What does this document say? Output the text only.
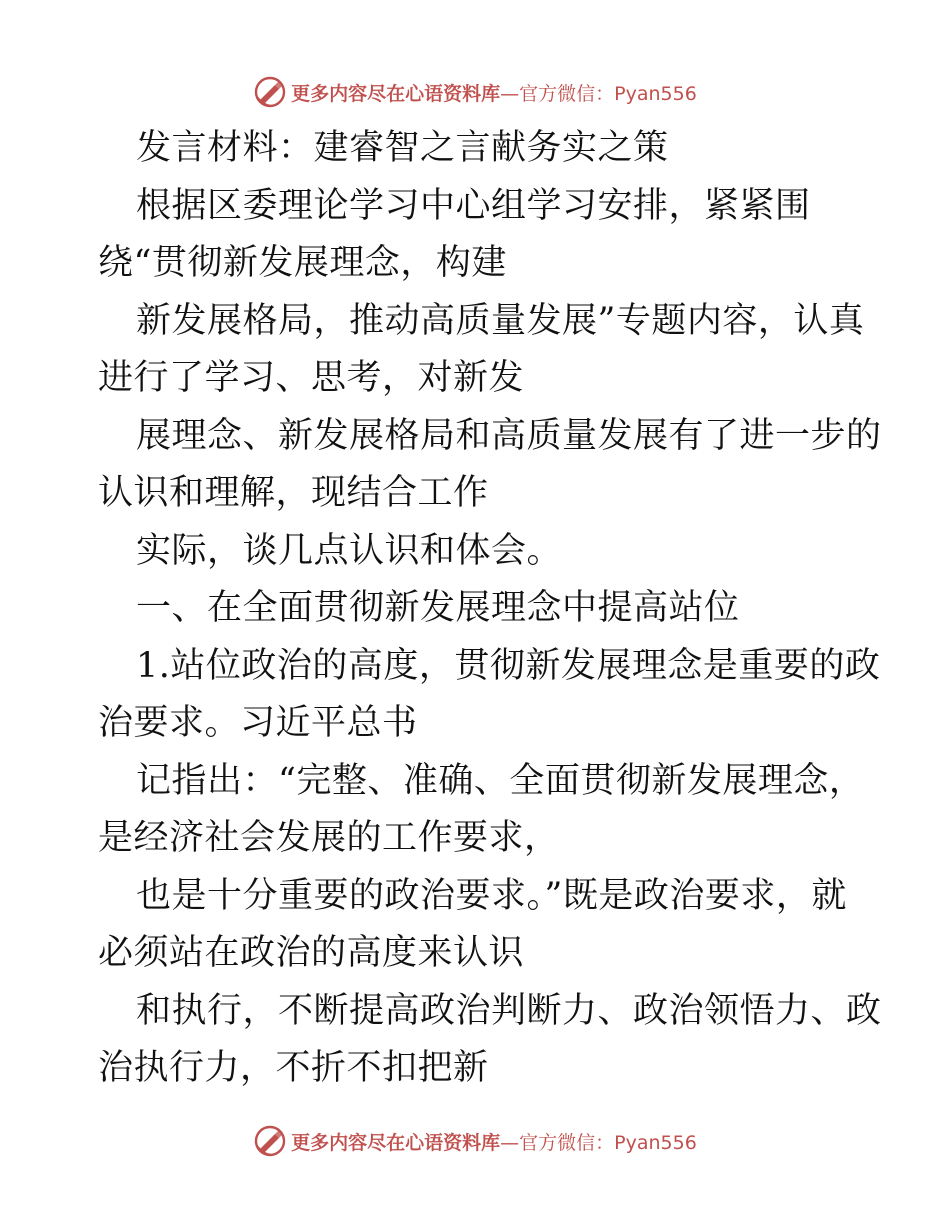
更多内容尽在心语资料库 —官方微信：Pyan556
发言材料：建睿智之言献务实之策
根据区委理论学习中心组学习安排，紧紧围
绕“贯彻新发展理念，构建
新发展格局，推动高质量发展”专题内容，认真
进行了学习、思考，对新发
展理念、新发展格局和高质量发展有了进一步的
认识和理解，现结合工作
实际，谈几点认识和体会。
一、在全面贯彻新发展理念中提高站位
1.站位政治的高度，贯彻新发展理念是重要的政
治要求。习近平总书
记指出：“完整、准确、全面贯彻新发展理念，
是经济社会发展的工作要求，
也是十分重要的政治要求。”既是政治要求，就
必须站在政治的高度来认识
和执行，不断提高政治判断力、政治领悟力、政
治执行力，不折不扣把新
更多内容尽在心语资料库 —官方微信：Pyan556
